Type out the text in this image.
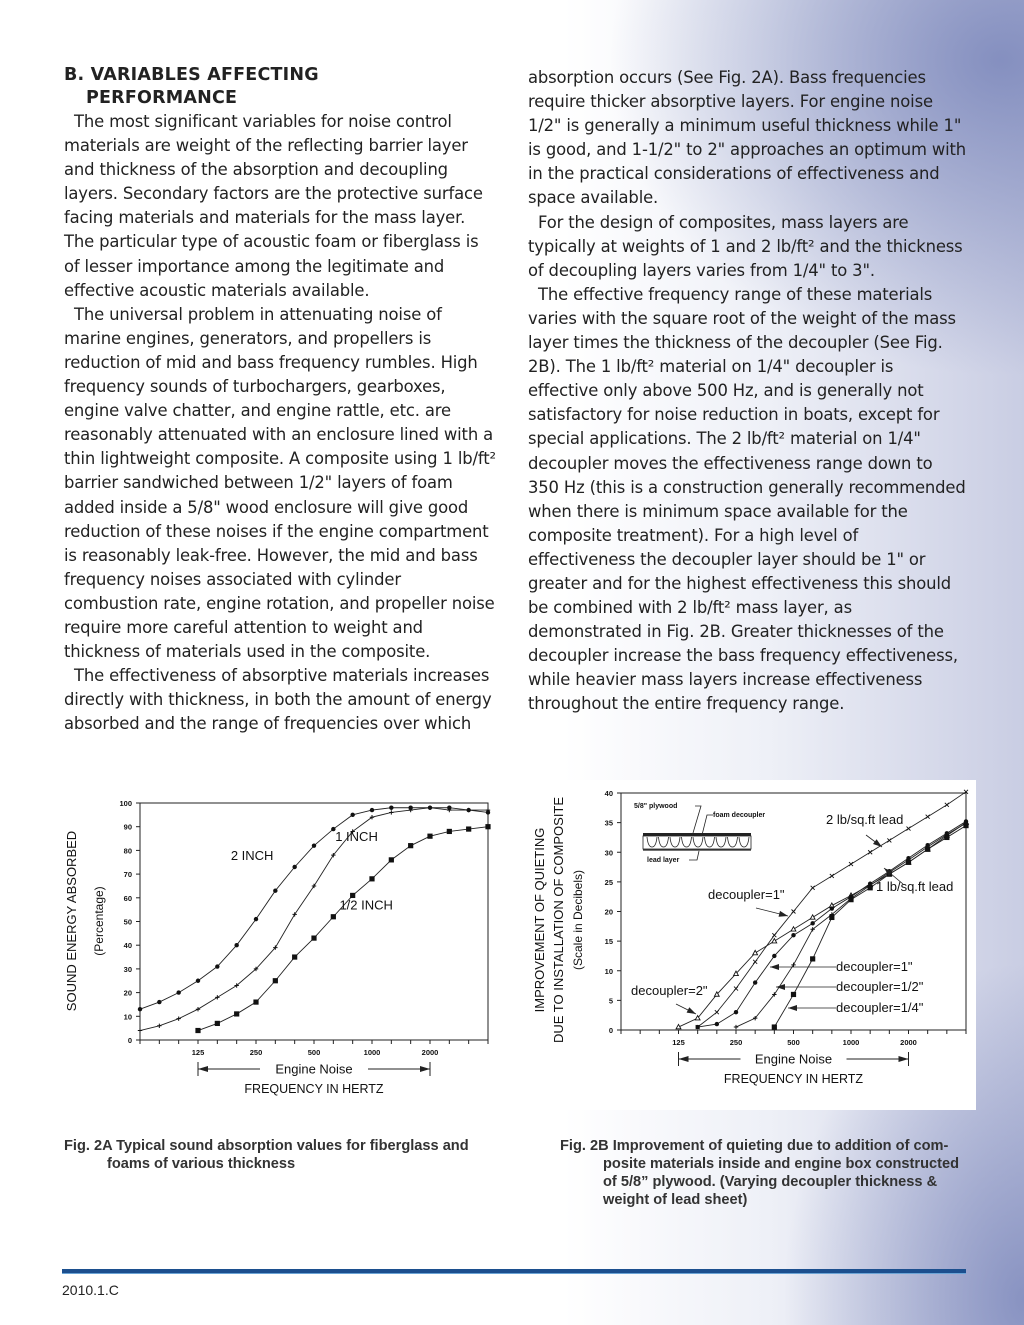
B. VARIABLES AFFECTING
PERFORMANCE

The most significant variables for noise control materials are weight of the reflecting barrier layer and thickness of the absorption and decoupling layers. Secondary factors are the protective surface facing materials and materials for the mass layer. The particular type of acoustic foam or fiberglass is of lesser importance among the legitimate and effective acoustic materials available.

The universal problem in attenuating noise of marine engines, generators, and propellers is reduction of mid and bass frequency rumbles. High frequency sounds of turbochargers, gearboxes, engine valve chatter, and engine rattle, etc. are reasonably attenuated with an enclosure lined with a thin lightweight composite. A composite using 1 lb/ft² barrier sandwiched between 1/2" layers of foam added inside a 5/8" wood enclosure will give good reduction of these noises if the engine compartment is reasonably leak-free. However, the mid and bass frequency noises associated with cylinder combustion rate, engine rotation, and propeller noise require more careful attention to weight and thickness of materials used in the composite.

The effectiveness of absorptive materials increases directly with thickness, in both the amount of energy absorbed and the range of frequencies over which

absorption occurs (See Fig. 2A). Bass frequencies require thicker absorptive layers. For engine noise 1/2" is generally a minimum useful thickness while 1" is good, and 1-1/2" to 2" approaches an optimum with in the practical considerations of effectiveness and space available.

For the design of composites, mass layers are typically at weights of 1 and 2 lb/ft² and the thickness of decoupling layers varies from 1/4" to 3".

The effective frequency range of these materials varies with the square root of the weight of the mass layer times the thickness of the decoupler (See Fig. 2B). The 1 lb/ft² material on 1/4" decoupler is effective only above 500 Hz, and is generally not satisfactory for noise reduction in boats, except for special applications. The 2 lb/ft² material on 1/4" decoupler moves the effectiveness range down to 350 Hz (this is a construction generally recommended when there is minimum space available for the composite treatment). For a high level of effectiveness the decoupler layer should be 1" or greater and for the highest effectiveness this should be combined with 2 lb/ft² mass layer, as demonstrated in Fig. 2B. Greater thicknesses of the decoupler increase the bass frequency effectiveness, while heavier mass layers increase effectiveness throughout the entire frequency range.

0
10
20
30
40
50
60
70
80
90
100
125	250	500	1000	2000
Engine Noise
FREQUENCY IN HERTZ
SOUND ENERGY ABSORBED (Percentage)
2 INCH
1 INCH
1/2 INCH
0
5
10
15
20
25
30
35
40
125	250	500	1000	2000
Engine Noise
FREQUENCY IN HERTZ
IMPROVEMENT OF QUIETING DUE TO INSTALLATION OF COMPOSITE (Scale in Decibels)
5/8" plywood
foam decoupler
lead layer
2 lb/sq.ft lead
1 lb/sq.ft lead
decoupler=1"
decoupler=2"
decoupler=1"
decoupler=1/2"
decoupler=1/4"
Fig. 2A Typical sound absorption values for fiberglass and
foams of various thickness
Fig. 2B Improvement of quieting due to addition of com-
posite materials inside and engine box constructed
of 5/8” plywood. (Varying decoupler thickness &
weight of lead sheet)
2010.1.C
